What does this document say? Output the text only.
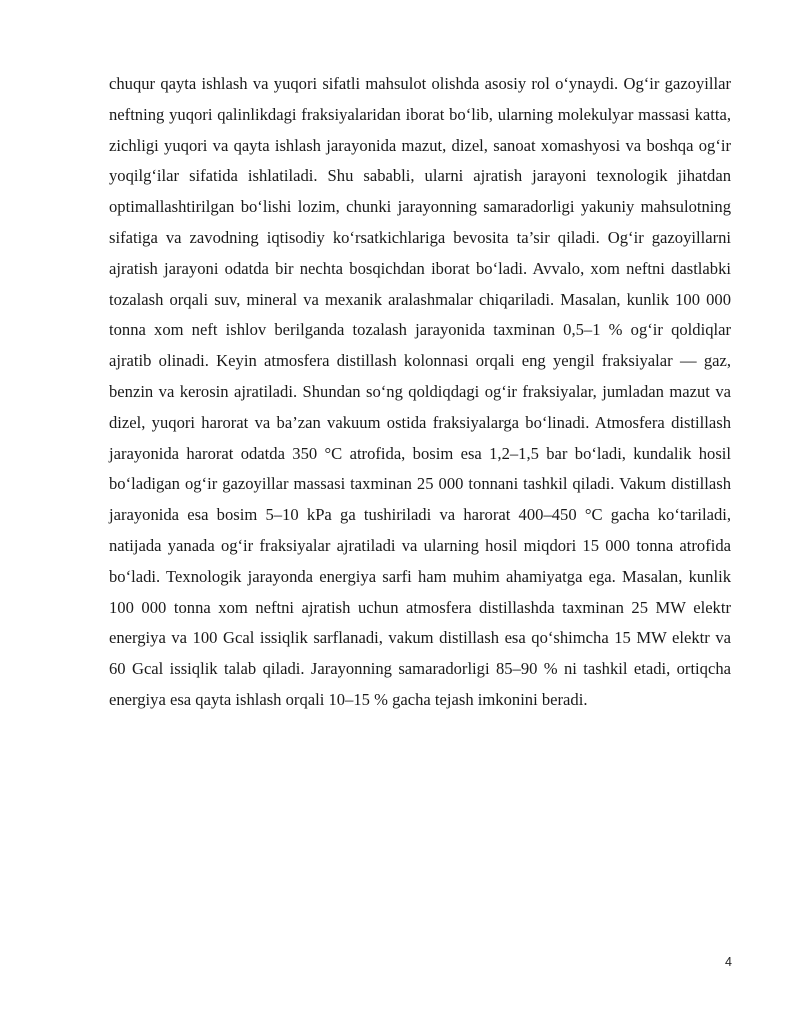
chuqur qayta ishlash va yuqori sifatli mahsulot olishda asosiy rol o‘ynaydi. Og‘ir gazoyillar neftning yuqori qalinlikdagi fraksiyalaridan iborat bo‘lib, ularning molekulyar massasi katta, zichligi yuqori va qayta ishlash jarayonida mazut, dizel, sanoat xomashyosi va boshqa og‘ir yoqilg‘ilar sifatida ishlatiladi. Shu sababli, ularni ajratish jarayoni texnologik jihatdan optimallashtirilgan bo‘lishi lozim, chunki jarayonning samaradorligi yakuniy mahsulotning sifatiga va zavodning iqtisodiy ko‘rsatkichlariga bevosita ta’sir qiladi. Og‘ir gazoyillarni ajratish jarayoni odatda bir nechta bosqichdan iborat bo‘ladi. Avvalo, xom neftni dastlabki tozalash orqali suv, mineral va mexanik aralashmalar chiqariladi. Masalan, kunlik 100 000 tonna xom neft ishlov berilganda tozalash jarayonida taxminan 0,5–1 % og‘ir qoldiqlar ajratib olinadi. Keyin atmosfera distillash kolonnasi orqali eng yengil fraksiyalar — gaz, benzin va kerosin ajratiladi. Shundan so‘ng qoldiqdagi og‘ir fraksiyalar, jumladan mazut va dizel, yuqori harorat va ba’zan vakuum ostida fraksiyalarga bo‘linadi. Atmosfera distillash jarayonida harorat odatda 350 °C atrofida, bosim esa 1,2–1,5 bar bo‘ladi, kundalik hosil bo‘ladigan og‘ir gazoyillar massasi taxminan 25 000 tonnani tashkil qiladi. Vakum distillash jarayonida esa bosim 5–10 kPa ga tushiriladi va harorat 400–450 °C gacha ko‘tariladi, natijada yanada og‘ir fraksiyalar ajratiladi va ularning hosil miqdori 15 000 tonna atrofida bo‘ladi. Texnologik jarayonda energiya sarfi ham muhim ahamiyatga ega. Masalan, kunlik 100 000 tonna xom neftni ajratish uchun atmosfera distillashda taxminan 25 MW elektr energiya va 100 Gcal issiqlik sarflanadi, vakum distillash esa qo‘shimcha 15 MW elektr va 60 Gcal issiqlik talab qiladi. Jarayonning samaradorligi 85–90 % ni tashkil etadi, ortiqcha energiya esa qayta ishlash orqali 10–15 % gacha tejash imkonini beradi.

4
